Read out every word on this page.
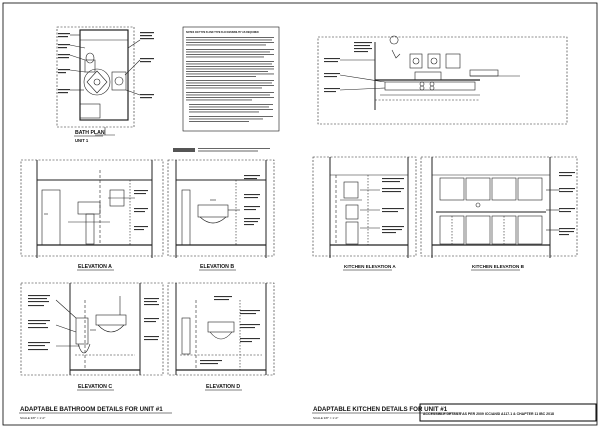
BATH PLAN
UNIT 1
NOTES ON TYPE B AND TYPE B ACCESSIBILITY AS REQUIRED
ELEVATION A	ELEVATION B
ELEVATION C	ELEVATION D
KITCHEN ELEVATION A	KITCHEN ELEVATION B
ADAPTABLE BATHROOM DETAILS FOR UNIT #1
SCALE 3/8" = 1'-0"
ADAPTABLE KITCHEN DETAILS FOR UNIT #1
SCALE 3/8" = 1'-0"
ACCESSIBLE DETAILS AS PER 2009 ICC/ANSI A117.1 & CHAPTER 11 IBC 2018
